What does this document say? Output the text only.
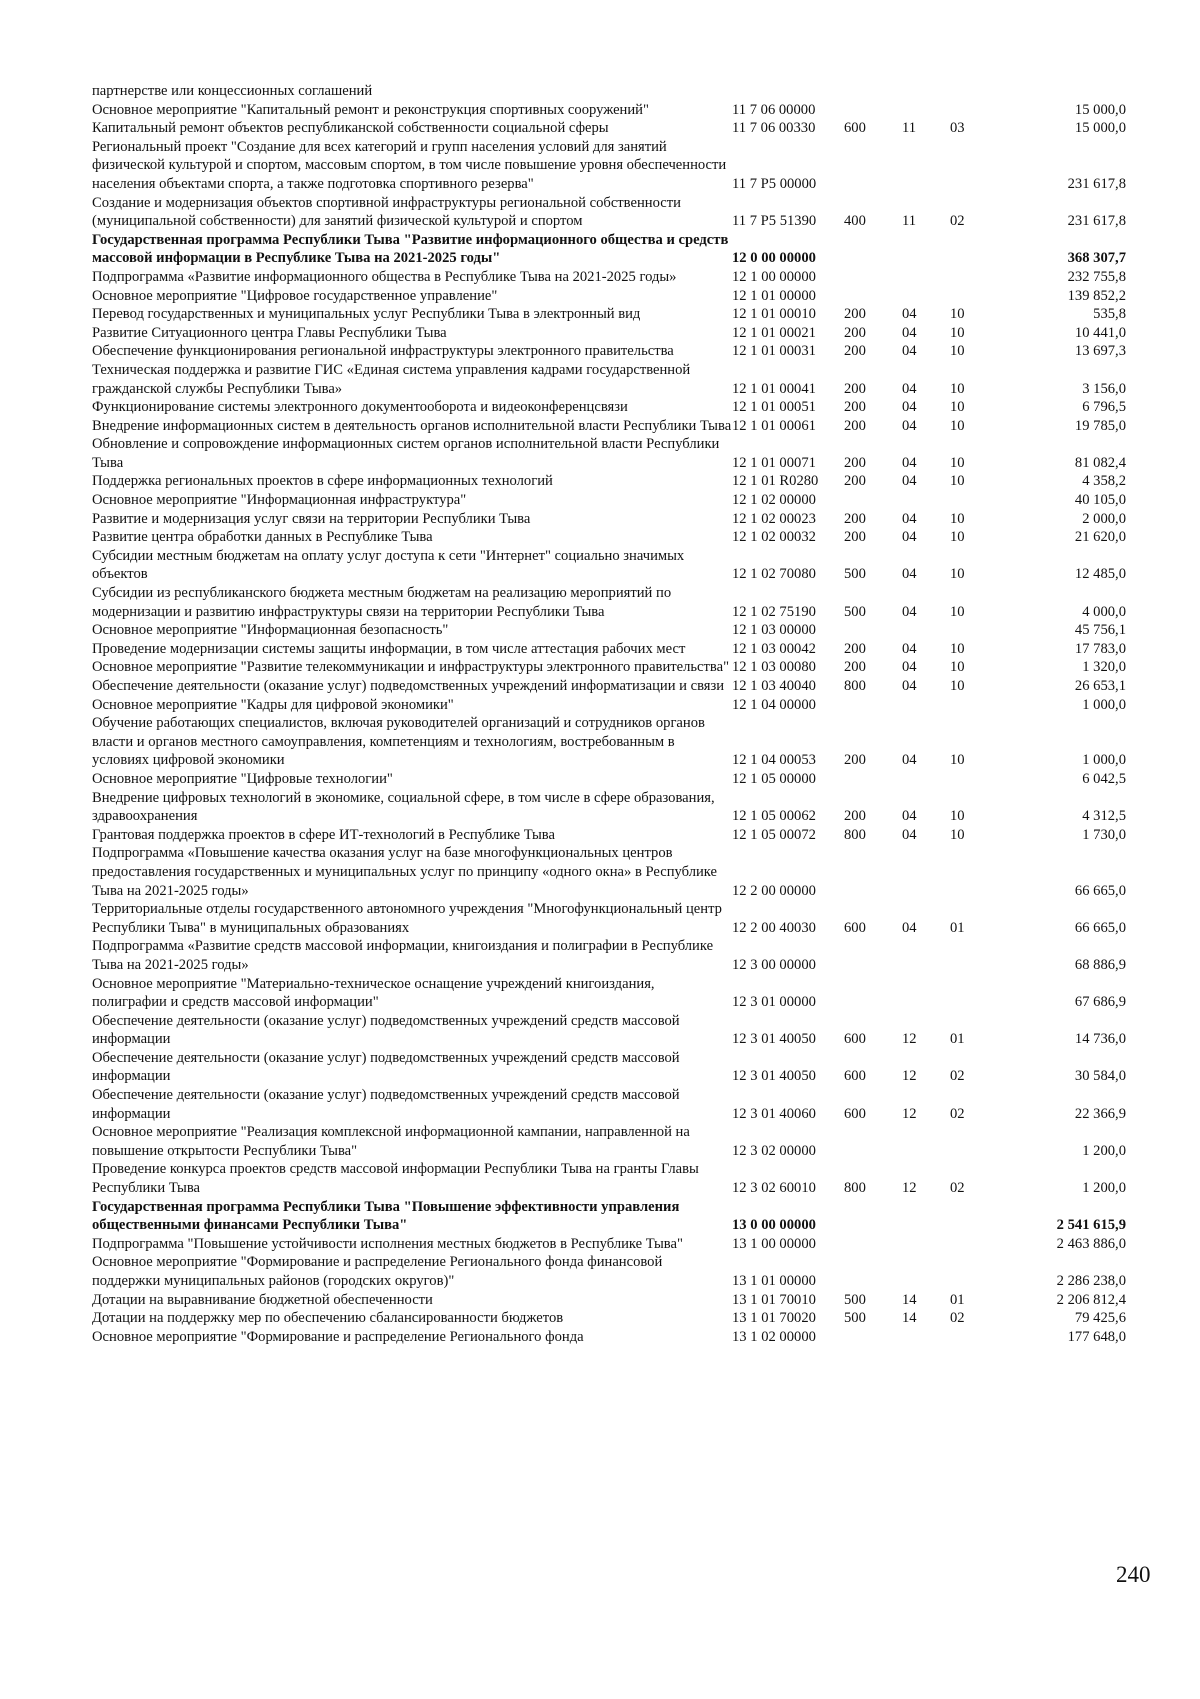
партнерстве или концессионных соглашений					
Основное мероприятие "Капитальный ремонт и реконструкция спортивных сооружений"	11 7 06 00000				15 000,0
Капитальный ремонт объектов республиканской собственности социальной сферы	11 7 06 00330	600	11	03	15 000,0
Региональный проект "Создание для всех категорий и групп населения условий для занятий физической культурой и спортом, массовым спортом, в том числе повышение уровня обеспеченности населения объектами спорта, а также подготовка спортивного резерва"	11 7 P5 00000				231 617,8
Создание и модернизация объектов спортивной инфраструктуры региональной собственности (муниципальной собственности) для занятий физической культурой и спортом	11 7 P5 51390	400	11	02	231 617,8
Государственная программа Республики Тыва "Развитие информационного общества и средств массовой информации в Республике Тыва на 2021-2025 годы"	12 0 00 00000				368 307,7
Подпрограмма «Развитие информационного общества в Республике Тыва на 2021-2025 годы»	12 1 00 00000				232 755,8
Основное мероприятие "Цифровое государственное управление"	12 1 01 00000				139 852,2
Перевод государственных и муниципальных услуг Республики Тыва в электронный вид	12 1 01 00010	200	04	10	535,8
Развитие Ситуационного центра Главы Республики Тыва	12 1 01 00021	200	04	10	10 441,0
Обеспечение функционирования региональной инфраструктуры электронного правительства	12 1 01 00031	200	04	10	13 697,3
Техническая поддержка и развитие ГИС «Единая система управления кадрами государственной гражданской службы Республики Тыва»	12 1 01 00041	200	04	10	3 156,0
Функционирование системы электронного документооборота и видеоконференцсвязи	12 1 01 00051	200	04	10	6 796,5
Внедрение информационных систем в деятельность органов исполнительной власти Республики Тыва	12 1 01 00061	200	04	10	19 785,0
Обновление и сопровождение информационных систем органов исполнительной власти Республики Тыва	12 1 01 00071	200	04	10	81 082,4
Поддержка региональных проектов в сфере информационных технологий	12 1 01 R0280	200	04	10	4 358,2
Основное мероприятие "Информационная инфраструктура"	12 1 02 00000				40 105,0
Развитие и модернизация услуг связи на территории Республики Тыва	12 1 02 00023	200	04	10	2 000,0
Развитие центра обработки данных в Республике Тыва	12 1 02 00032	200	04	10	21 620,0
Субсидии местным бюджетам на оплату услуг доступа к сети "Интернет" социально значимых объектов	12 1 02 70080	500	04	10	12 485,0
Субсидии из республиканского бюджета местным бюджетам на реализацию мероприятий по модернизации и развитию инфраструктуры связи на территории Республики Тыва	12 1 02 75190	500	04	10	4 000,0
Основное мероприятие "Информационная безопасность"	12 1 03 00000				45 756,1
Проведение модернизации системы защиты информации, в том числе аттестация рабочих мест	12 1 03 00042	200	04	10	17 783,0
Основное мероприятие "Развитие телекоммуникации и инфраструктуры электронного правительства"	12 1 03 00080	200	04	10	1 320,0
Обеспечение деятельности (оказание услуг) подведомственных учреждений информатизации и связи	12 1 03 40040	800	04	10	26 653,1
Основное мероприятие "Кадры для цифровой экономики"	12 1 04 00000				1 000,0
Обучение работающих специалистов, включая руководителей организаций и сотрудников органов власти и органов местного самоуправления, компетенциям и технологиям, востребованным в условиях цифровой экономики	12 1 04 00053	200	04	10	1 000,0
Основное мероприятие "Цифровые технологии"	12 1 05 00000				6 042,5
Внедрение цифровых технологий в экономике, социальной сфере, в том числе в сфере образования, здравоохранения	12 1 05 00062	200	04	10	4 312,5
Грантовая поддержка проектов в сфере ИТ-технологий в Республике Тыва	12 1 05 00072	800	04	10	1 730,0
Подпрограмма «Повышение качества оказания услуг на базе многофункциональных центров предоставления государственных и муниципальных услуг по принципу «одного окна» в Республике Тыва на 2021-2025 годы»	12 2 00 00000				66 665,0
Территориальные отделы государственного автономного учреждения "Многофункциональный центр Республики Тыва" в муниципальных образованиях	12 2 00 40030	600	04	01	66 665,0
Подпрограмма «Развитие средств массовой информации, книгоиздания и полиграфии в Республике Тыва на 2021-2025 годы»	12 3 00 00000				68 886,9
Основное мероприятие "Материально-техническое оснащение учреждений книгоиздания, полиграфии и средств массовой информации"	12 3 01 00000				67 686,9
Обеспечение деятельности (оказание услуг) подведомственных учреждений средств массовой информации	12 3 01 40050	600	12	01	14 736,0
Обеспечение деятельности (оказание услуг) подведомственных учреждений средств массовой информации	12 3 01 40050	600	12	02	30 584,0
Обеспечение деятельности (оказание услуг) подведомственных учреждений средств массовой информации	12 3 01 40060	600	12	02	22 366,9
Основное мероприятие "Реализация комплексной информационной кампании, направленной на повышение открытости Республики Тыва"	12 3 02 00000				1 200,0
Проведение конкурса проектов средств массовой информации Республики Тыва на гранты Главы Республики Тыва	12 3 02 60010	800	12	02	1 200,0
Государственная программа Республики Тыва "Повышение эффективности управления общественными финансами Республики Тыва"	13 0 00 00000				2 541 615,9
Подпрограмма "Повышение устойчивости исполнения местных бюджетов в Республике Тыва"	13 1 00 00000				2 463 886,0
Основное мероприятие "Формирование и распределение Регионального фонда финансовой поддержки муниципальных районов (городских округов)"	13 1 01 00000				2 286 238,0
Дотации на выравнивание бюджетной обеспеченности	13 1 01 70010	500	14	01	2 206 812,4
Дотации на поддержку мер по обеспечению сбалансированности бюджетов	13 1 01 70020	500	14	02	79 425,6
Основное мероприятие "Формирование и распределение Регионального фонда	13 1 02 00000				177 648,0
240
